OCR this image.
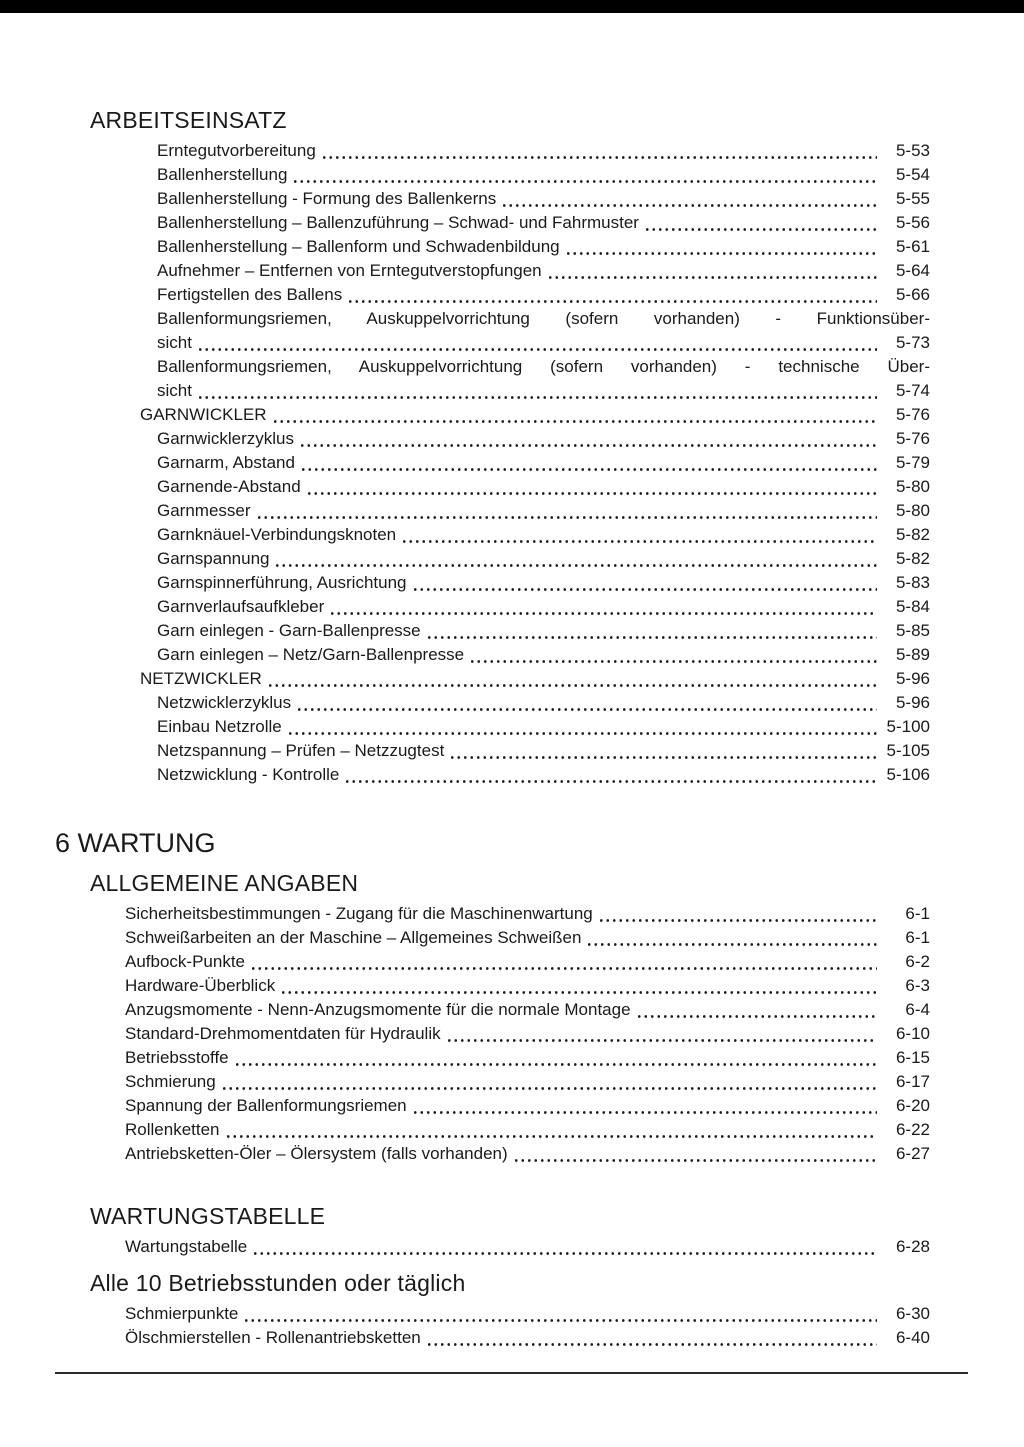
ARBEITSEINSATZ
Erntegutvorbereitung	5-53
Ballenherstellung	5-54
Ballenherstellung - Formung des Ballenkerns	5-55
Ballenherstellung – Ballenzuführung – Schwad- und Fahrmuster	5-56
Ballenherstellung – Ballenform und Schwadenbildung	5-61
Aufnehmer – Entfernen von Erntegutverstopfungen	5-64
Fertigstellen des Ballens	5-66
Ballenformungsriemen, Auskuppelvorrichtung (sofern vorhanden) - Funktionsüber-
sicht	5-73
Ballenformungsriemen, Auskuppelvorrichtung (sofern vorhanden) - technische Über-
sicht	5-74
GARNWICKLER	5-76
Garnwicklerzyklus	5-76
Garnarm, Abstand	5-79
Garnende-Abstand	5-80
Garnmesser	5-80
Garnknäuel-Verbindungsknoten	5-82
Garnspannung	5-82
Garnspinnerführung, Ausrichtung	5-83
Garnverlaufsaufkleber	5-84
Garn einlegen - Garn-Ballenpresse	5-85
Garn einlegen – Netz/Garn-Ballenpresse	5-89
NETZWICKLER	5-96
Netzwicklerzyklus	5-96
Einbau Netzrolle	5-100
Netzspannung – Prüfen – Netzzugtest	5-105
Netzwicklung - Kontrolle	5-106
6 WARTUNG
ALLGEMEINE ANGABEN
Sicherheitsbestimmungen - Zugang für die Maschinenwartung	6-1
Schweißarbeiten an der Maschine – Allgemeines Schweißen	6-1
Aufbock-Punkte	6-2
Hardware-Überblick	6-3
Anzugsmomente - Nenn-Anzugsmomente für die normale Montage	6-4
Standard-Drehmomentdaten für Hydraulik	6-10
Betriebsstoffe	6-15
Schmierung	6-17
Spannung der Ballenformungsriemen	6-20
Rollenketten	6-22
Antriebsketten-Öler – Ölersystem (falls vorhanden)	6-27
WARTUNGSTABELLE
Wartungstabelle	6-28
Alle 10 Betriebsstunden oder täglich
Schmierpunkte	6-30
Ölschmierstellen - Rollenantriebsketten	6-40
